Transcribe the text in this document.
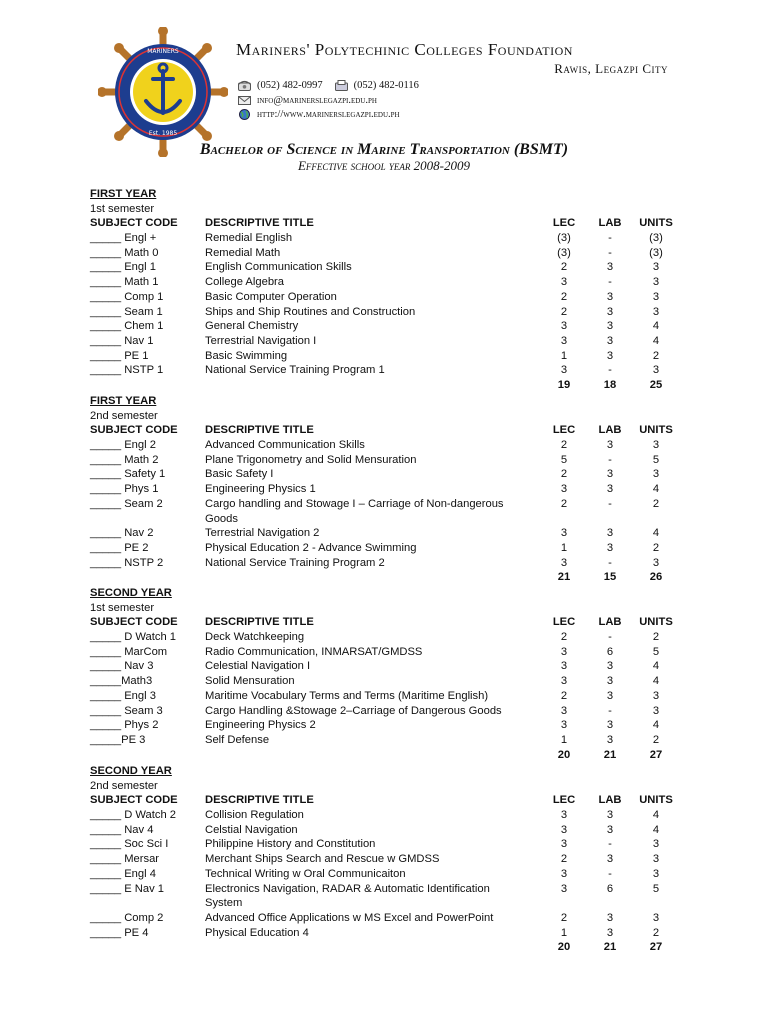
MARINERS
Est. 1985
Mariners' Polytechinic Colleges Foundation
Rawis, Legazpi City
(052) 482-0997	(052) 482-0116
info@marinerslegazpi.edu.ph
http://www.marinerslegazpi.edu.ph
Bachelor of Science in Marine Transportation (BSMT)
Effective school year 2008-2009
FIRST YEAR
1st semester
SUBJECT CODE DESCRIPTIVE TITLE	LEC	LAB	UNITS
_____ Engl +	Remedial English	(3)	-	(3)
_____ Math 0	Remedial Math	(3)	-	(3)
_____ Engl 1	English Communication Skills	2	3	3
_____ Math 1	College Algebra	3	-	3
_____ Comp 1	Basic Computer Operation	2	3	3
_____ Seam 1	Ships and Ship Routines and Construction	2	3	3
_____ Chem 1	General Chemistry	3	3	4
_____ Nav 1	Terrestrial Navigation I	3	3	4
_____ PE 1	Basic Swimming	1	3	2
_____ NSTP 1	National Service Training Program 1	3	-	3
19	18	25
FIRST YEAR
2nd semester
SUBJECT CODE DESCRIPTIVE TITLE	LEC	LAB	UNITS
_____ Engl 2	Advanced Communication Skills	2	3	3
_____ Math 2	Plane Trigonometry and Solid Mensuration	5	-	5
_____ Safety 1	Basic Safety I	2	3	3
_____ Phys 1	Engineering Physics 1	3	3	4
_____ Seam 2	Cargo handling and Stowage I – Carriage of Non-dangerous Goods
2	-	2
_____ Nav 2	Terrestrial Navigation 2	3	3	4
_____ PE 2	Physical Education 2 - Advance Swimming	1	3	2
_____ NSTP 2	National Service Training Program 2	3	-	3
21	15	26
SECOND YEAR
1st semester
SUBJECT CODE DESCRIPTIVE TITLE	LEC	LAB	UNITS
_____ D Watch 1	Deck Watchkeeping	2	-	2
_____ MarCom	Radio Communication, INMARSAT/GMDSS	3	6	5
_____ Nav 3	Celestial Navigation I	3	3	4
_____Math3	Solid Mensuration	3	3	4
_____ Engl 3	Maritime Vocabulary Terms and Terms (Maritime English)	2	3	3
_____ Seam 3	Cargo Handling &Stowage 2–Carriage of Dangerous Goods	3	-	3
_____ Phys 2	Engineering Physics 2	3	3	4
_____PE 3	Self Defense	1	3	2
20	21	27
SECOND YEAR
2nd semester
SUBJECT CODE DESCRIPTIVE TITLE	LEC	LAB	UNITS
_____ D Watch 2	Collision Regulation	3	3	4
_____ Nav 4	Celstial Navigation	3	3	4
_____ Soc Sci I	Philippine History and Constitution	3	-	3
_____ Mersar	Merchant Ships Search and Rescue w GMDSS	2	3	3
_____ Engl 4	Technical Writing w Oral Communicaiton	3	-	3
_____ E Nav 1	Electronics Navigation, RADAR & Automatic Identification System
3	6	5
_____ Comp 2	Advanced Office Applications w MS Excel and PowerPoint	2	3	3
_____ PE 4	Physical Education 4	1	3	2
20	21	27
